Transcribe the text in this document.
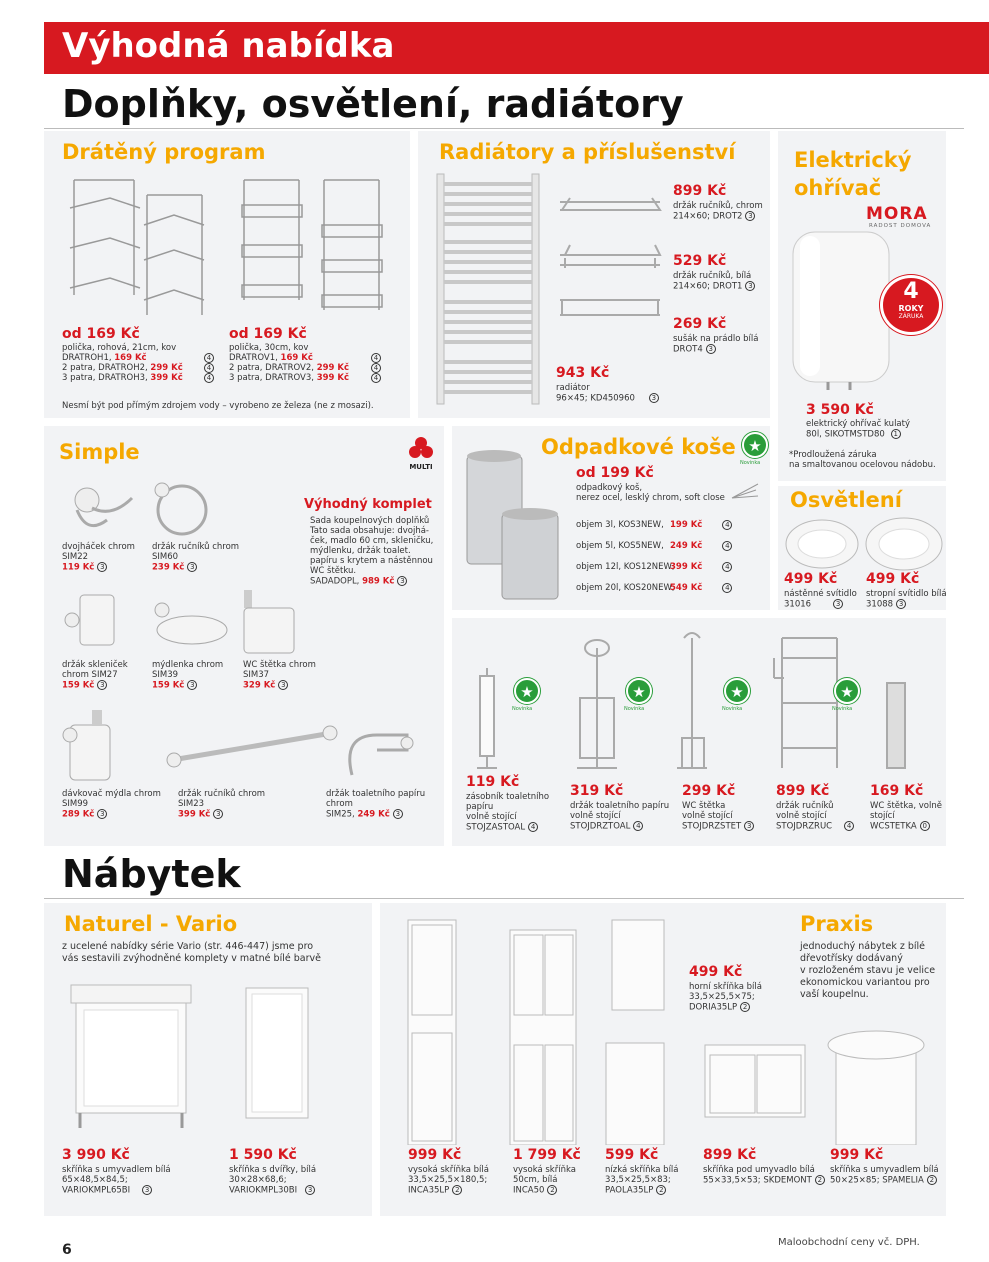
Výhodná nabídka
Doplňky, osvětlení, radiátory
Drátěný program
od 169 Kč
polička, rohová, 21cm, kov
DRATROH1, 169 Kč	4
2 patra, DRATROH2, 299 Kč	4
3 patra, DRATROH3, 399 Kč	4
od 169 Kč
polička, 30cm, kov
DRATROV1, 169 Kč	4
2 patra, DRATROV2, 299 Kč	4
3 patra, DRATROV3, 399 Kč	4
Nesmí být pod přímým zdrojem vody – vyrobeno ze železa (ne z mosazi).
Radiátory a příslušenství
899 Kč
držák ručníků, chrom
214×60; DROT2 3
529 Kč
držák ručníků, bílá
214×60; DROT1 3
269 Kč
sušák na prádlo bílá
DROT4 3
943 Kč
radiátor
96×45; KD450960 3
Elektrický
ohřívač
MORA
RADOST DOMOVA
4
ROKY
ZÁRUKA
3 590 Kč
elektrický ohřívač kulatý
80l, SIKOTMSTD80 1
*Prodloužená záruka
na smaltovanou ocelovou nádobu.
Simple
MULTI
dvojháček chrom
SIM22
119 Kč 3
držák ručníků chrom
SIM60
239 Kč 3
držák skleniček
chrom SIM27
159 Kč 3
mýdlenka chrom
SIM39
159 Kč 3
WC štětka chrom
SIM37
329 Kč 3
dávkovač mýdla chrom
SIM99
289 Kč 3
držák ručníků chrom
SIM23
399 Kč 3
držák toaletního papíru
chrom
SIM25, 249 Kč 3
Výhodný komplet
Sada koupelnových doplňků
Tato sada obsahuje: dvojhá-
ček, madlo 60 cm, skleničku,
mýdlenku, držák toalet.
papíru s krytem a nástěnnou
WC štětku.
SADADOPL, 989 Kč 3
Odpadkové koše ★
Novinka
od 199 Kč
odpadkový koš,
nerez ocel, lesklý chrom, soft close
objem 3l, KOS3NEW, 199 Kč	4
objem 5l, KOS5NEW, 249 Kč	4
objem 12l, KOS12NEW,399 Kč	4
objem 20l, KOS20NEW,549 Kč	4
Osvětlení
499 Kč
nástěnné svítidlo
31016	3
499 Kč
stropní svítidlo bílá
31088 3
★
Novinka
★
Novinka
★
Novinka
★
Novinka
119 Kč
zásobník toaletního
papíru
volně stojící
STOJZASTOAL 4
319 Kč
držák toaletního papíru
volně stojící
STOJDRZTOAL 4
299 Kč
WC štětka
volně stojící
STOJDRZSTET 3
899 Kč
držák ručníků
volně stojící
STOJDRZRUC 4
169 Kč
WC štětka, volně
stojící
WCSTETKA 0
Nábytek
Naturel - Vario
z ucelené nabídky série Vario (str. 446-447) jsme pro
vás sestavili zvýhodněné komplety v matné bílé barvě
3 990 Kč
skříňka s umyvadlem bílá
65×48,5×84,5;
VARIOKMPL65BI 3
1 590 Kč
skříňka s dvířky, bílá
30×28×68,6;
VARIOKMPL30BI 3
Praxis
jednoduchý nábytek z bílé
dřevotřísky dodávaný
v rozloženém stavu je velice
ekonomickou variantou pro
vaší koupelnu.
499 Kč
horní skříňka bílá
33,5×25,5×75;
DORIA35LP 2
999 Kč
vysoká skříňka bílá
33,5×25,5×180,5;
INCA35LP 2
1 799 Kč
vysoká skříňka
50cm, bílá
INCA50 2
599 Kč
nízká skříňka bílá
33,5×25,5×83;
PAOLA35LP 2
899 Kč
skříňka pod umyvadlo bílá
55×33,5×53; SKDEMONT 2
999 Kč
skříňka s umyvadlem bílá
50×25×85; SPAMELIA 2
6	Maloobchodní ceny vč. DPH.
